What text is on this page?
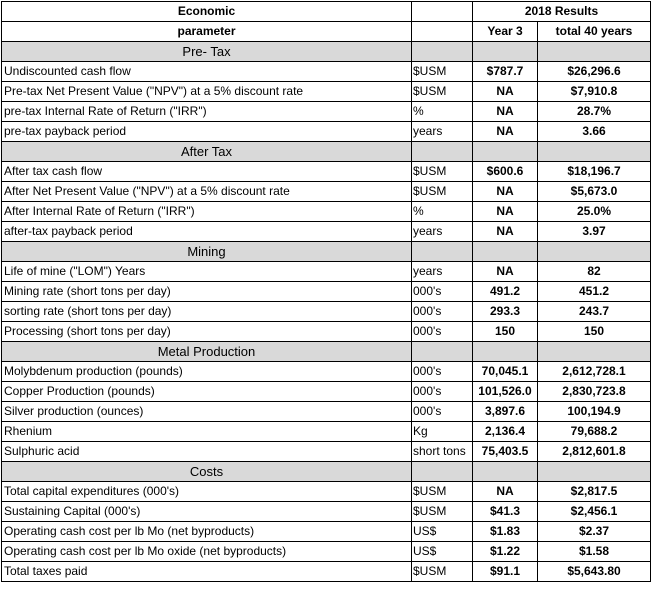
Economic		2018 Results	
parameter		Year 3	total 40 years
Pre- Tax			
Undiscounted cash flow	$USM	$787.7	$26,296.6
Pre-tax Net Present Value ("NPV") at a 5% discount rate	$USM	NA	$7,910.8
pre-tax Internal Rate of Return ("IRR")	%	NA	28.7%
pre-tax payback period	years	NA	3.66
After Tax			
After tax cash flow	$USM	$600.6	$18,196.7
After Net Present Value ("NPV") at a 5% discount rate	$USM	NA	$5,673.0
After Internal Rate of Return ("IRR")	%	NA	25.0%
after-tax payback period	years	NA	3.97
Mining			
Life of mine ("LOM") Years	years	NA	82
Mining rate (short tons per day)	000's	491.2	451.2
sorting rate (short tons per day)	000's	293.3	243.7
Processing (short tons per day)	000's	150	150
Metal Production			
Molybdenum production (pounds)	000's	70,045.1	2,612,728.1
Copper Production (pounds)	000's	101,526.0	2,830,723.8
Silver production (ounces)	000's	3,897.6	100,194.9
Rhenium	Kg	2,136.4	79,688.2
Sulphuric acid	short tons	75,403.5	2,812,601.8
Costs			
Total capital expenditures (000's)	$USM	NA	$2,817.5
Sustaining Capital (000's)	$USM	$41.3	$2,456.1
Operating cash cost per lb Mo (net byproducts)	US$	$1.83	$2.37
Operating cash cost per lb Mo oxide (net byproducts)	US$	$1.22	$1.58
Total taxes paid	$USM	$91.1	$5,643.80
